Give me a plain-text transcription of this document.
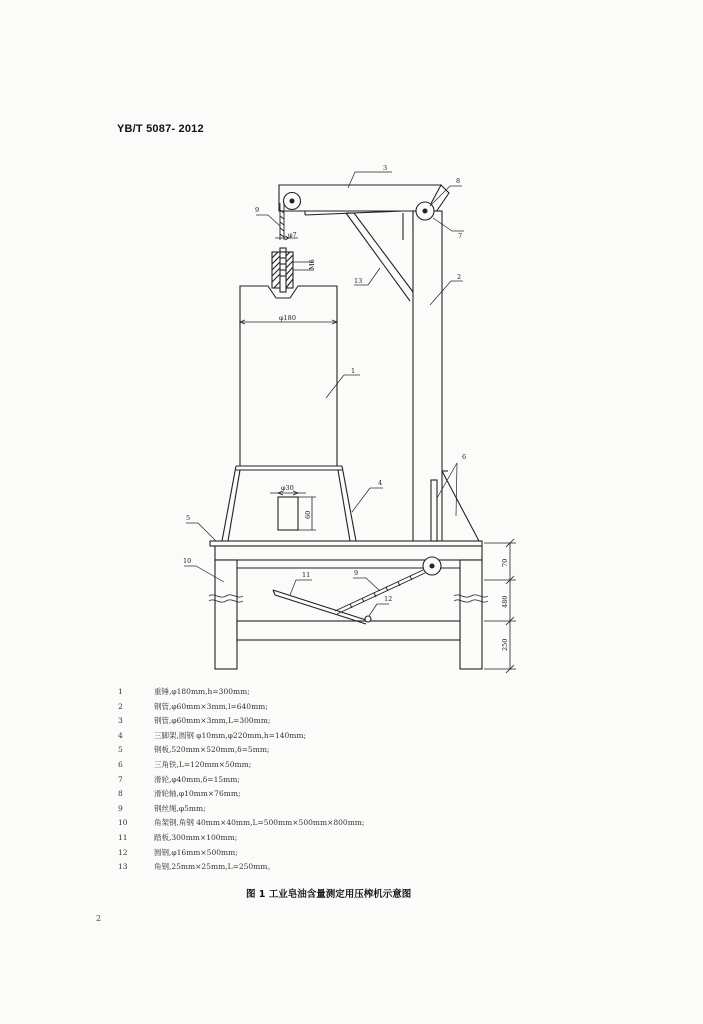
YB/T 5087- 2012
3
8
7
9
13	2
1
6
4
5
10
11	9
12
φ7
M6
φ180
φ30
60
70
480
250
1	重锤,φ180mm,h=300mm;
2	钢管,φ60mm×3mm,l=640mm;
3	钢管,φ60mm×3mm,L=300mm;
4	三脚架,圆钢 φ10mm,φ220mm,h=140mm;
5	钢板,520mm×520mm,δ=5mm;
6	三角铁,L=120mm×50mm;
7	滑轮,φ40mm,δ=15mm;
8	滑轮轴,φ10mm×76mm;
9	钢丝绳,φ5mm;
10	角架钢,角钢 40mm×40mm,L=500mm×500mm×800mm;
11	踏板,300mm×100mm;
12	圆钢,φ16mm×500mm;
13	角钢,25mm×25mm,L=250mm。
图 1 工业皂油含量测定用压榨机示意图
2
